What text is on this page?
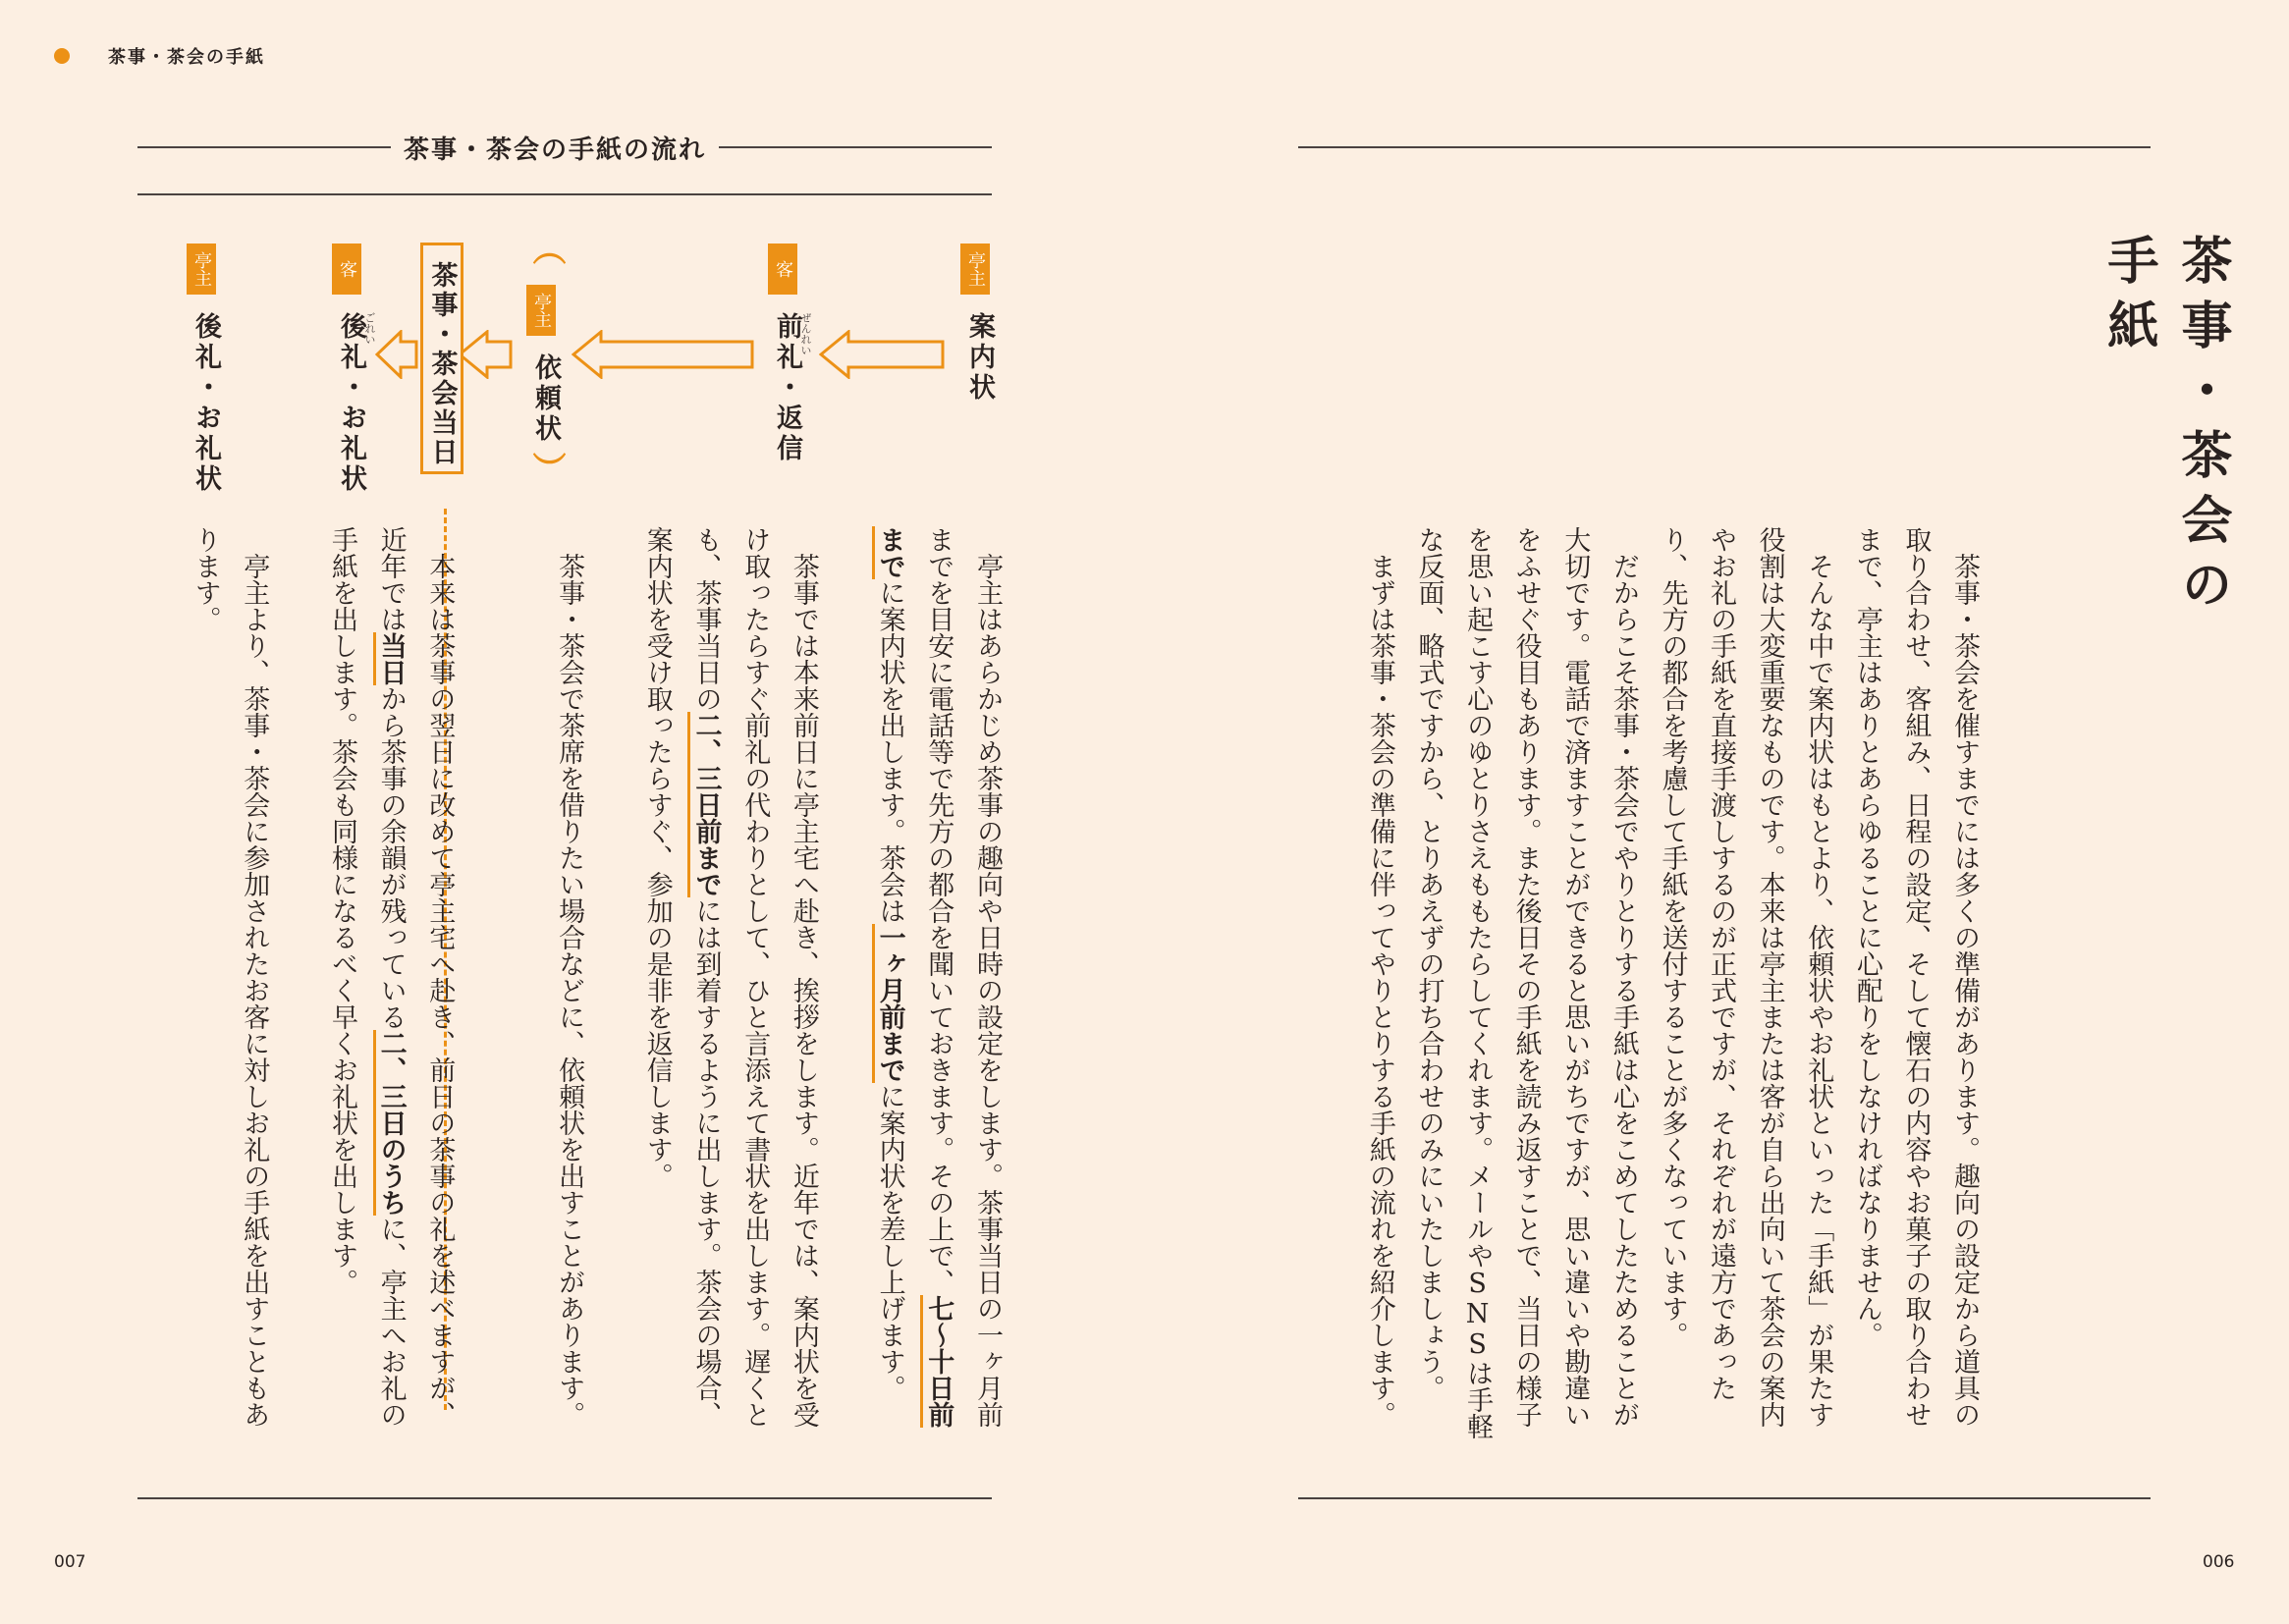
茶事・茶会の手紙
茶事・茶会の手紙の流れ
茶事・茶会の手紙
茶事・茶会を催すまでには多くの準備があります。趣向の設定から道具の取り合わせ、客組み、日程の設定、そして懐石の内容やお菓子の取り合わせまで、亭主はありとあらゆることに心配りをしなければなりません。
そんな中で案内状はもとより、依頼状やお礼状といった「手紙」が果たす役割は大変重要なものです。本来は亭主または客が自ら出向いて茶会の案内やお礼の手紙を直接手渡しするのが正式ですが、それぞれが遠方であったり、先方の都合を考慮して手紙を送付することが多くなっています。
だからこそ茶事・茶会でやりとりする手紙は心をこめてしたためることが大切です。電話で済ますことができると思いがちですが、思い違いや勘違いをふせぐ役目もあります。また後日その手紙を読み返すことで、当日の様子を思い起こす心のゆとりさえももたらしてくれます。メールやSNSは手軽な反面、略式ですから、とりあえずの打ち合わせのみにいたしましょう。
まずは茶事・茶会の準備に伴ってやりとりする手紙の流れを紹介します。
亭主
案内状
客
前礼・返信
ぜんれい
︵
亭主
依頼状
︶
茶事・茶会当日
客
後礼・お礼状
ごれい
亭主
後礼・お礼状
亭主はあらかじめ茶事の趣向や日時の設定をします。茶事当日の一ヶ月前までを目安に電話等で先方の都合を聞いておきます。その上で、七〜十日前までに案内状を出します。茶会は一ヶ月前までに案内状を差し上げます。
茶事では本来前日に亭主宅へ赴き、挨拶をします。近年では、案内状を受け取ったらすぐ前礼の代わりとして、ひと言添えて書状を出します。遅くとも、茶事当日の二、三日前までには到着するように出します。茶会の場合、案内状を受け取ったらすぐ、参加の是非を返信します。
茶事・茶会で茶席を借りたい場合などに、依頼状を出すことがあります。
本来は茶事の翌日に改めて亭主宅へ赴き、前日の茶事の礼を述べますが、近年では当日から茶事の余韻が残っている二、三日のうちに、亭主へお礼の手紙を出します。茶会も同様になるべく早くお礼状を出します。
亭主より、茶事・茶会に参加されたお客に対しお礼の手紙を出すこともあります。
007	006
